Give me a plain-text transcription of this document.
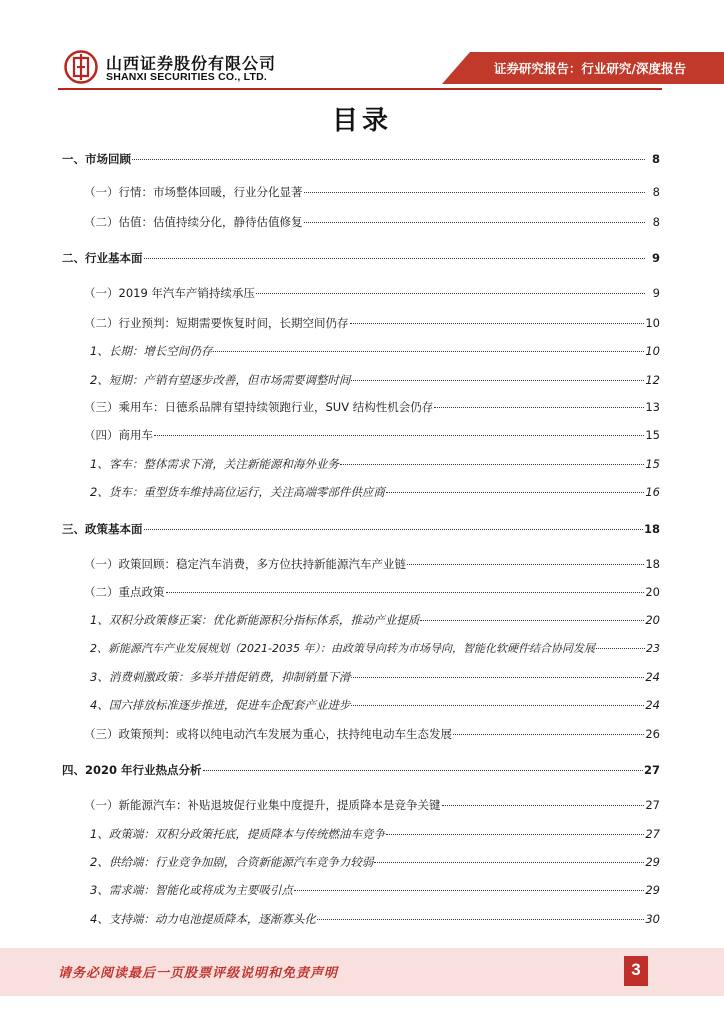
山西证券股份有限公司
SHANXI SECURITIES CO., LTD.
证券研究报告：行业研究/深度报告
目录
一、市场回顾	8
（一）行情：市场整体回暖，行业分化显著	8
（二）估值：估值持续分化，静待估值修复	8
二、行业基本面	9
（一）2019 年汽车产销持续承压	9
（二）行业预判：短期需要恢复时间，长期空间仍存	10
1、长期：增长空间仍存	10
2、短期：产销有望逐步改善，但市场需要调整时间	12
（三）乘用车：日德系品牌有望持续领跑行业，SUV 结构性机会仍存	13
（四）商用车	15
1、客车：整体需求下滑，关注新能源和海外业务	15
2、货车：重型货车维持高位运行，关注高端零部件供应商	16
三、政策基本面	18
（一）政策回顾：稳定汽车消费，多方位扶持新能源汽车产业链	18
（二）重点政策	20
1、双积分政策修正案：优化新能源积分指标体系，推动产业提质	20
2、新能源汽车产业发展规划（2021-2035 年）：由政策导向转为市场导向，智能化软硬件结合协同发展	23
3、消费刺激政策：多举并措促销费，抑制销量下滑	24
4、国六排放标准逐步推进，促进车企配套产业进步	24
（三）政策预判：或将以纯电动汽车发展为重心，扶持纯电动车生态发展	26
四、2020 年行业热点分析	27
（一）新能源汽车：补贴退坡促行业集中度提升，提质降本是竞争关键	27
1、政策端：双积分政策托底，提质降本与传统燃油车竞争	27
2、供给端：行业竞争加剧，合资新能源汽车竞争力较弱	29
3、需求端：智能化或将成为主要吸引点	29
4、支持端：动力电池提质降本，逐渐寡头化	30
请务必阅读最后一页股票评级说明和免责声明	3
